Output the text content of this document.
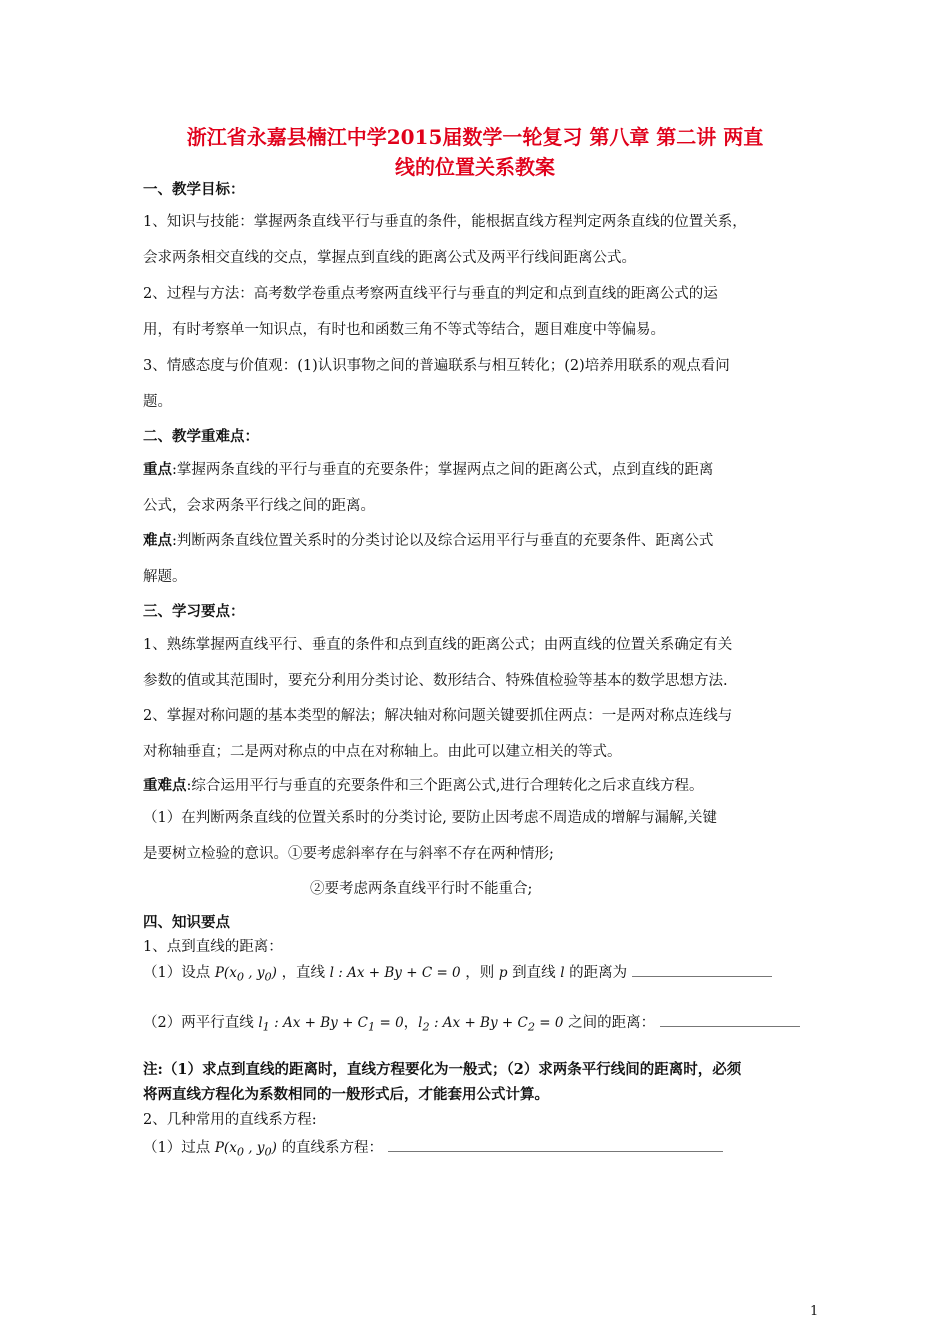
浙江省永嘉县楠江中学2015届数学一轮复习 第八章 第二讲 两直
线的位置关系教案
一、教学目标：
1、知识与技能：掌握两条直线平行与垂直的条件，能根据直线方程判定两条直线的位置关系，
会求两条相交直线的交点，掌握点到直线的距离公式及两平行线间距离公式。
2、过程与方法：高考数学卷重点考察两直线平行与垂直的判定和点到直线的距离公式的运
用，有时考察单一知识点，有时也和函数三角不等式等结合，题目难度中等偏易。
3、情感态度与价值观：(1)认识事物之间的普遍联系与相互转化；(2)培养用联系的观点看问
题。
二、教学重难点：
重点:掌握两条直线的平行与垂直的充要条件；掌握两点之间的距离公式，点到直线的距离
公式，会求两条平行线之间的距离。
难点:判断两条直线位置关系时的分类讨论以及综合运用平行与垂直的充要条件、距离公式
解题。
三、学习要点：
1、熟练掌握两直线平行、垂直的条件和点到直线的距离公式；由两直线的位置关系确定有关
参数的值或其范围时，要充分利用分类讨论、数形结合、特殊值检验等基本的数学思想方法.
2、掌握对称问题的基本类型的解法；解决轴对称问题关键要抓住两点：一是两对称点连线与
对称轴垂直；二是两对称点的中点在对称轴上。由此可以建立相关的等式。
重难点:综合运用平行与垂直的充要条件和三个距离公式,进行合理转化之后求直线方程。
（1）在判断两条直线的位置关系时的分类讨论, 要防止因考虑不周造成的增解与漏解,关键
是要树立检验的意识。①要考虑斜率存在与斜率不存在两种情形;
②要考虑两条直线平行时不能重合;
四、知识要点
1、点到直线的距离：
（1）设点 $P(x_0$ , $y_0$) ，直线 l : Ax + By + C = 0 ，则 p 到直线 l 的距离为
（2）两平行直线 $l_1$ : $Ax + By + C_1 = 0$，$l_2$ : $Ax + By + C_2 = 0$ 之间的距离：
注:（1）求点到直线的距离时，直线方程要化为一般式；（2）求两条平行线间的距离时，必须
将两直线方程化为系数相同的一般形式后，才能套用公式计算。
2、几种常用的直线系方程:
（1）过点 $P(x_0$ , $y_0$) 的直线系方程：
1
